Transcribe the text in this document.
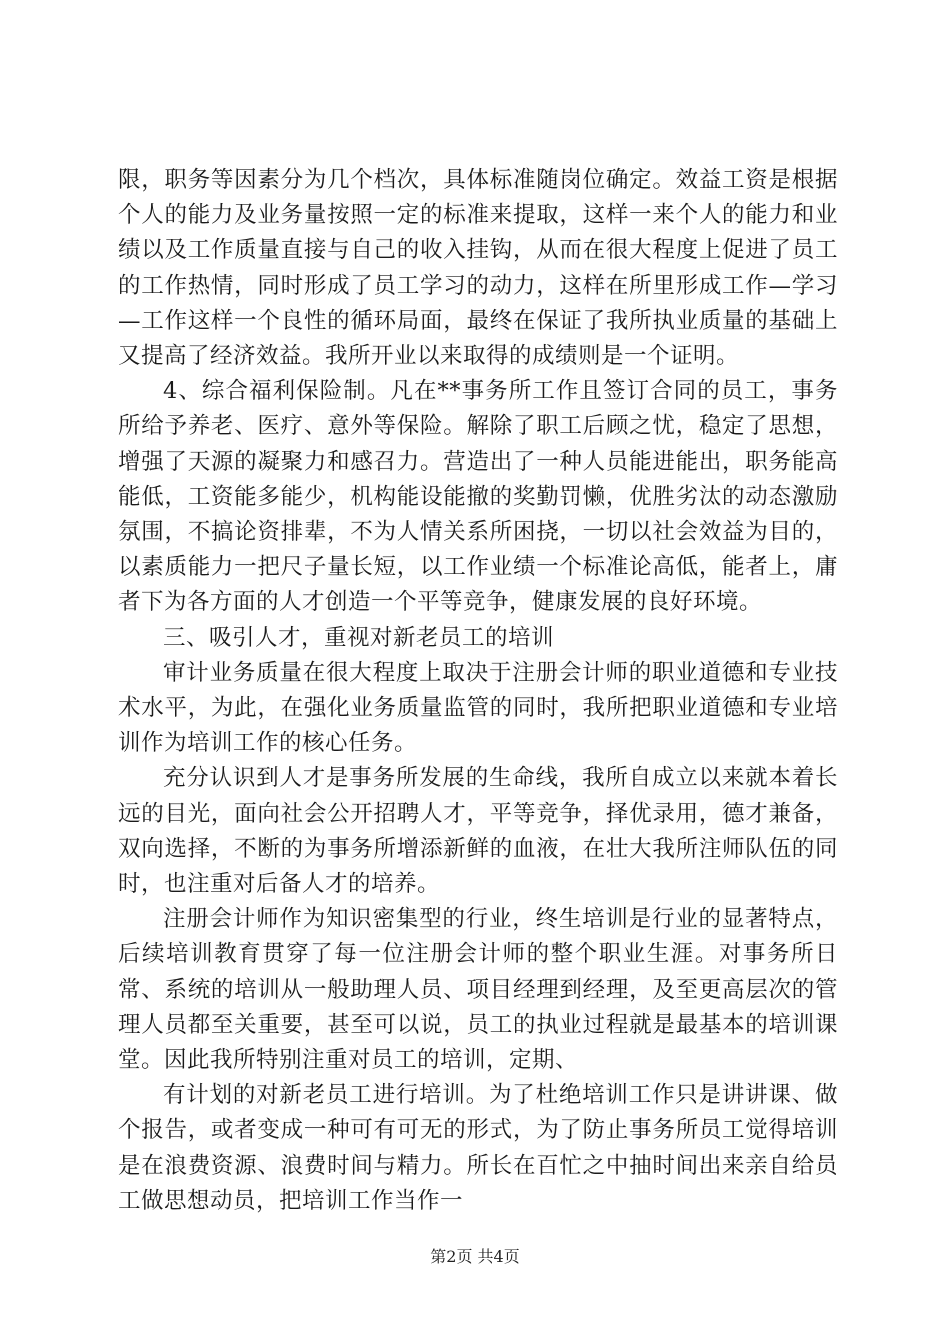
限，职务等因素分为几个档次，具体标准随岗位确定。效益工资是根据个人的能力及业务量按照一定的标准来提取，这样一来个人的能力和业绩以及工作质量直接与自己的收入挂钩，从而在很大程度上促进了员工的工作热情，同时形成了员工学习的动力，这样在所里形成工作—学习—工作这样一个良性的循环局面，最终在保证了我所执业质量的基础上又提高了经济效益。我所开业以来取得的成绩则是一个证明。

4、综合福利保险制。凡在**事务所工作且签订合同的员工，事务所给予养老、医疗、意外等保险。解除了职工后顾之忧，稳定了思想，增强了天源的凝聚力和感召力。营造出了一种人员能进能出，职务能高能低，工资能多能少，机构能设能撤的奖勤罚懒，优胜劣汰的动态激励氛围，不搞论资排辈，不为人情关系所困挠，一切以社会效益为目的，以素质能力一把尺子量长短，以工作业绩一个标准论高低，能者上，庸者下为各方面的人才创造一个平等竞争，健康发展的良好环境。

三、吸引人才，重视对新老员工的培训

审计业务质量在很大程度上取决于注册会计师的职业道德和专业技术水平，为此，在强化业务质量监管的同时，我所把职业道德和专业培训作为培训工作的核心任务。

充分认识到人才是事务所发展的生命线，我所自成立以来就本着长远的目光，面向社会公开招聘人才，平等竞争，择优录用，德才兼备，双向选择，不断的为事务所增添新鲜的血液，在壮大我所注师队伍的同时，也注重对后备人才的培养。

注册会计师作为知识密集型的行业，终生培训是行业的显著特点，后续培训教育贯穿了每一位注册会计师的整个职业生涯。对事务所日常、系统的培训从一般助理人员、项目经理到经理，及至更高层次的管理人员都至关重要，甚至可以说，员工的执业过程就是最基本的培训课堂。因此我所特别注重对员工的培训，定期、

有计划的对新老员工进行培训。为了杜绝培训工作只是讲讲课、做个报告，或者变成一种可有可无的形式，为了防止事务所员工觉得培训是在浪费资源、浪费时间与精力。所长在百忙之中抽时间出来亲自给员工做思想动员，把培训工作当作一

第2页 共4页
